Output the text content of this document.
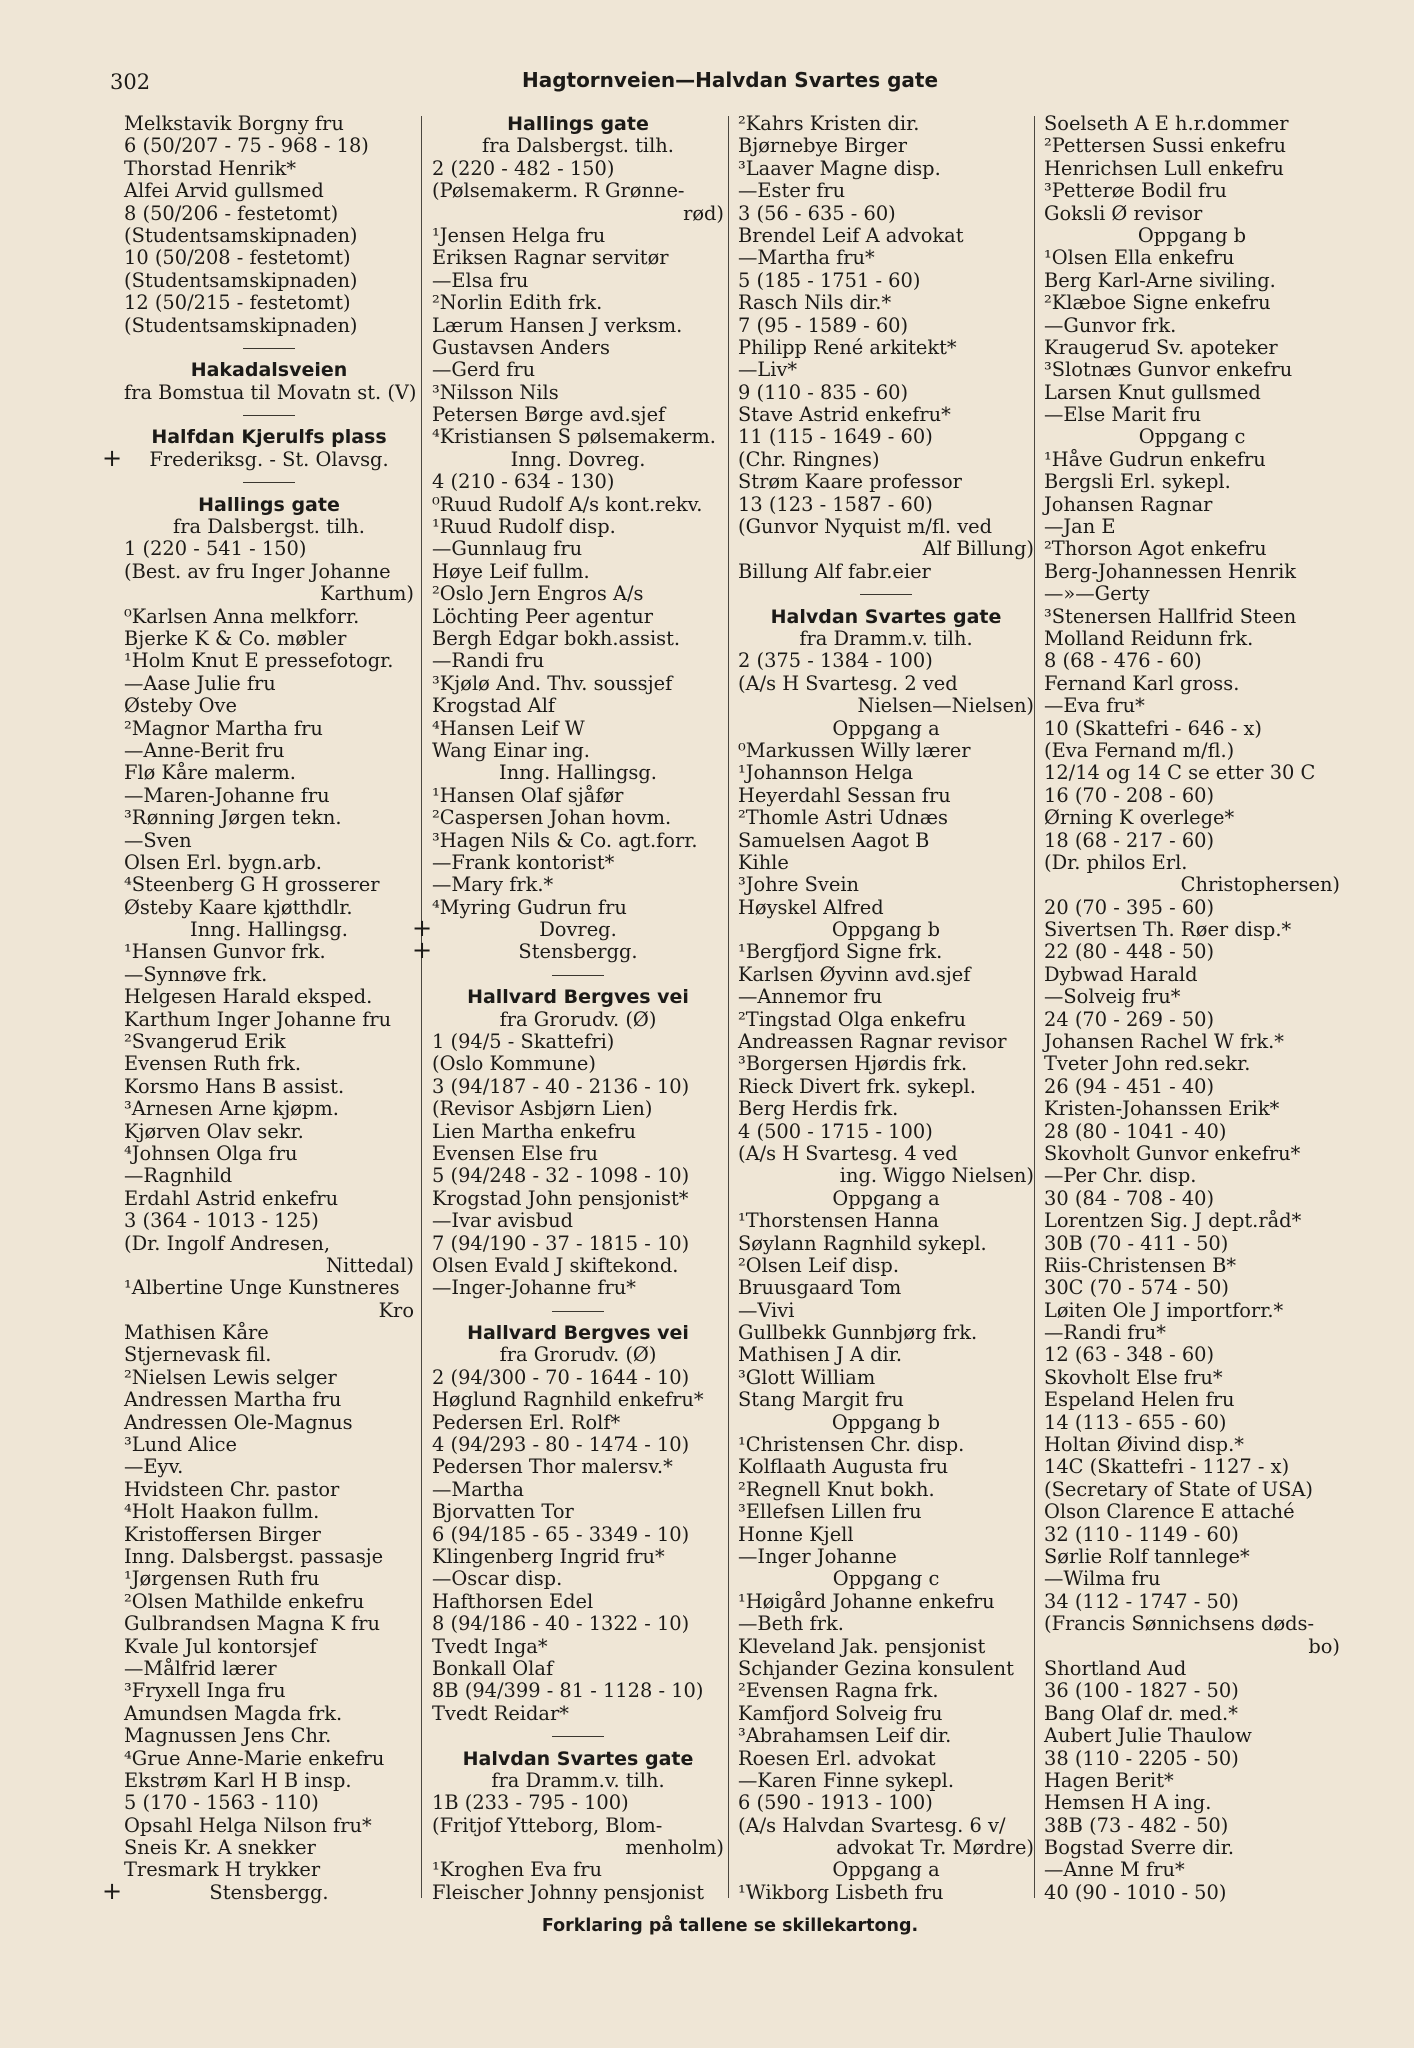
302	Hagtornveien—Halvdan Svartes gate
Melkstavik Borgny fru
6 (50/207 - 75 - 968 - 18)
Thorstad Henrik*
Alfei Arvid gullsmed
8 (50/206 - festetomt)
(Studentsamskipnaden)
10 (50/208 - festetomt)
(Studentsamskipnaden)
12 (50/215 - festetomt)
(Studentsamskipnaden)
Hakadalsveien
fra Bomstua til Movatn st. (V)
Halfdan Kjerulfs plass
+ Frederiksg. - St. Olavsg.
Hallings gate
fra Dalsbergst. tilh.
1 (220 - 541 - 150)
(Best. av fru Inger Johanne
Karthum)
⁰Karlsen Anna melkforr.
Bjerke K & Co. møbler
¹Holm Knut E pressefotogr.
—Aase Julie fru
Østeby Ove
²Magnor Martha fru
—Anne-Berit fru
Flø Kåre malerm.
—Maren-Johanne fru
³Rønning Jørgen tekn.
—Sven
Olsen Erl. bygn.arb.
⁴Steenberg G H grosserer
Østeby Kaare kjøtthdlr.
Inng. Hallingsg.
¹Hansen Gunvor frk.
—Synnøve frk.
Helgesen Harald eksped.
Karthum Inger Johanne fru
²Svangerud Erik
Evensen Ruth frk.
Korsmo Hans B assist.
³Arnesen Arne kjøpm.
Kjørven Olav sekr.
⁴Johnsen Olga fru
—Ragnhild
Erdahl Astrid enkefru
3 (364 - 1013 - 125)
(Dr. Ingolf Andresen,
Nittedal)
¹Albertine Unge Kunstneres
Kro
Mathisen Kåre
Stjernevask fil.
²Nielsen Lewis selger
Andressen Martha fru
Andressen Ole-Magnus
³Lund Alice
—Eyv.
Hvidsteen Chr. pastor
⁴Holt Haakon fullm.
Kristoffersen Birger
Inng. Dalsbergst. passasje
¹Jørgensen Ruth fru
²Olsen Mathilde enkefru
Gulbrandsen Magna K fru
Kvale Jul kontorsjef
—Målfrid lærer
³Fryxell Inga fru
Amundsen Magda frk.
Magnussen Jens Chr.
⁴Grue Anne-Marie enkefru
Ekstrøm Karl H B insp.
5 (170 - 1563 - 110)
Opsahl Helga Nilson fru*
Sneis Kr. A snekker
Tresmark H trykker
+	Stensbergg.
Hallings gate
fra Dalsbergst. tilh.
2 (220 - 482 - 150)
(Pølsemakerm. R Grønne-
rød)
¹Jensen Helga fru
Eriksen Ragnar servitør
—Elsa fru
²Norlin Edith frk.
Lærum Hansen J verksm.
Gustavsen Anders
—Gerd fru
³Nilsson Nils
Petersen Børge avd.sjef
⁴Kristiansen S pølsemakerm.
Inng. Dovreg.
4 (210 - 634 - 130)
⁰Ruud Rudolf A/s kont.rekv.
¹Ruud Rudolf disp.
—Gunnlaug fru
Høye Leif fullm.
²Oslo Jern Engros A/s
Löchting Peer agentur
Bergh Edgar bokh.assist.
—Randi fru
³Kjølø And. Thv. soussjef
Krogstad Alf
⁴Hansen Leif W
Wang Einar ing.
Inng. Hallingsg.
¹Hansen Olaf sjåfør
²Caspersen Johan hovm.
³Hagen Nils & Co. agt.forr.
—Frank kontorist*
—Mary frk.*
⁴Myring Gudrun fru
+	Dovreg.
+	Stensbergg.
Hallvard Bergves vei
fra Grorudv. (Ø)
1 (94/5 - Skattefri)
(Oslo Kommune)
3 (94/187 - 40 - 2136 - 10)
(Revisor Asbjørn Lien)
Lien Martha enkefru
Evensen Else fru
5 (94/248 - 32 - 1098 - 10)
Krogstad John pensjonist*
—Ivar avisbud
7 (94/190 - 37 - 1815 - 10)
Olsen Evald J skiftekond.
—Inger-Johanne fru*
Hallvard Bergves vei
fra Grorudv. (Ø)
2 (94/300 - 70 - 1644 - 10)
Høglund Ragnhild enkefru*
Pedersen Erl. Rolf*
4 (94/293 - 80 - 1474 - 10)
Pedersen Thor malersv.*
—Martha
Bjorvatten Tor
6 (94/185 - 65 - 3349 - 10)
Klingenberg Ingrid fru*
—Oscar disp.
Hafthorsen Edel
8 (94/186 - 40 - 1322 - 10)
Tvedt Inga*
Bonkall Olaf
8B (94/399 - 81 - 1128 - 10)
Tvedt Reidar*
Halvdan Svartes gate
fra Dramm.v. tilh.
1B (233 - 795 - 100)
(Fritjof Ytteborg, Blom-
menholm)
¹Kroghen Eva fru
Fleischer Johnny pensjonist
²Kahrs Kristen dir.
Bjørnebye Birger
³Laaver Magne disp.
—Ester fru
3 (56 - 635 - 60)
Brendel Leif A advokat
—Martha fru*
5 (185 - 1751 - 60)
Rasch Nils dir.*
7 (95 - 1589 - 60)
Philipp René arkitekt*
—Liv*
9 (110 - 835 - 60)
Stave Astrid enkefru*
11 (115 - 1649 - 60)
(Chr. Ringnes)
Strøm Kaare professor
13 (123 - 1587 - 60)
(Gunvor Nyquist m/fl. ved
Alf Billung)
Billung Alf fabr.eier
Halvdan Svartes gate
fra Dramm.v. tilh.
2 (375 - 1384 - 100)
(A/s H Svartesg. 2 ved
Nielsen—Nielsen)
Oppgang a
⁰Markussen Willy lærer
¹Johannson Helga
Heyerdahl Sessan fru
²Thomle Astri Udnæs
Samuelsen Aagot B
Kihle
³Johre Svein
Høyskel Alfred
Oppgang b
¹Bergfjord Signe frk.
Karlsen Øyvinn avd.sjef
—Annemor fru
²Tingstad Olga enkefru
Andreassen Ragnar revisor
³Borgersen Hjørdis frk.
Rieck Divert frk. sykepl.
Berg Herdis frk.
4 (500 - 1715 - 100)
(A/s H Svartesg. 4 ved
ing. Wiggo Nielsen)
Oppgang a
¹Thorstensen Hanna
Søylann Ragnhild sykepl.
²Olsen Leif disp.
Bruusgaard Tom
—Vivi
Gullbekk Gunnbjørg frk.
Mathisen J A dir.
³Glott William
Stang Margit fru
Oppgang b
¹Christensen Chr. disp.
Kolflaath Augusta fru
²Regnell Knut bokh.
³Ellefsen Lillen fru
Honne Kjell
—Inger Johanne
Oppgang c
¹Høigård Johanne enkefru
—Beth frk.
Kleveland Jak. pensjonist
Schjander Gezina konsulent
²Evensen Ragna frk.
Kamfjord Solveig fru
³Abrahamsen Leif dir.
Roesen Erl. advokat
—Karen Finne sykepl.
6 (590 - 1913 - 100)
(A/s Halvdan Svartesg. 6 v/
advokat Tr. Mørdre)
Oppgang a
¹Wikborg Lisbeth fru
Soelseth A E h.r.dommer
²Pettersen Sussi enkefru
Henrichsen Lull enkefru
³Petterøe Bodil fru
Goksli Ø revisor
Oppgang b
¹Olsen Ella enkefru
Berg Karl-Arne siviling.
²Klæboe Signe enkefru
—Gunvor frk.
Kraugerud Sv. apoteker
³Slotnæs Gunvor enkefru
Larsen Knut gullsmed
—Else Marit fru
Oppgang c
¹Håve Gudrun enkefru
Bergsli Erl. sykepl.
Johansen Ragnar
—Jan E
²Thorson Agot enkefru
Berg-Johannessen Henrik
—»—Gerty
³Stenersen Hallfrid Steen
Molland Reidunn frk.
8 (68 - 476 - 60)
Fernand Karl gross.
—Eva fru*
10 (Skattefri - 646 - x)
(Eva Fernand m/fl.)
12/14 og 14 C se etter 30 C
16 (70 - 208 - 60)
Ørning K overlege*
18 (68 - 217 - 60)
(Dr. philos Erl.
Christophersen)
20 (70 - 395 - 60)
Sivertsen Th. Røer disp.*
22 (80 - 448 - 50)
Dybwad Harald
—Solveig fru*
24 (70 - 269 - 50)
Johansen Rachel W frk.*
Tveter John red.sekr.
26 (94 - 451 - 40)
Kristen-Johanssen Erik*
28 (80 - 1041 - 40)
Skovholt Gunvor enkefru*
—Per Chr. disp.
30 (84 - 708 - 40)
Lorentzen Sig. J dept.råd*
30B (70 - 411 - 50)
Riis-Christensen B*
30C (70 - 574 - 50)
Løiten Ole J importforr.*
—Randi fru*
12 (63 - 348 - 60)
Skovholt Else fru*
Espeland Helen fru
14 (113 - 655 - 60)
Holtan Øivind disp.*
14C (Skattefri - 1127 - x)
(Secretary of State of USA)
Olson Clarence E attaché
32 (110 - 1149 - 60)
Sørlie Rolf tannlege*
—Wilma fru
34 (112 - 1747 - 50)
(Francis Sønnichsens døds-
bo)
Shortland Aud
36 (100 - 1827 - 50)
Bang Olaf dr. med.*
Aubert Julie Thaulow
38 (110 - 2205 - 50)
Hagen Berit*
Hemsen H A ing.
38B (73 - 482 - 50)
Bogstad Sverre dir.
—Anne M fru*
40 (90 - 1010 - 50)
Forklaring på tallene se skillekartong.
